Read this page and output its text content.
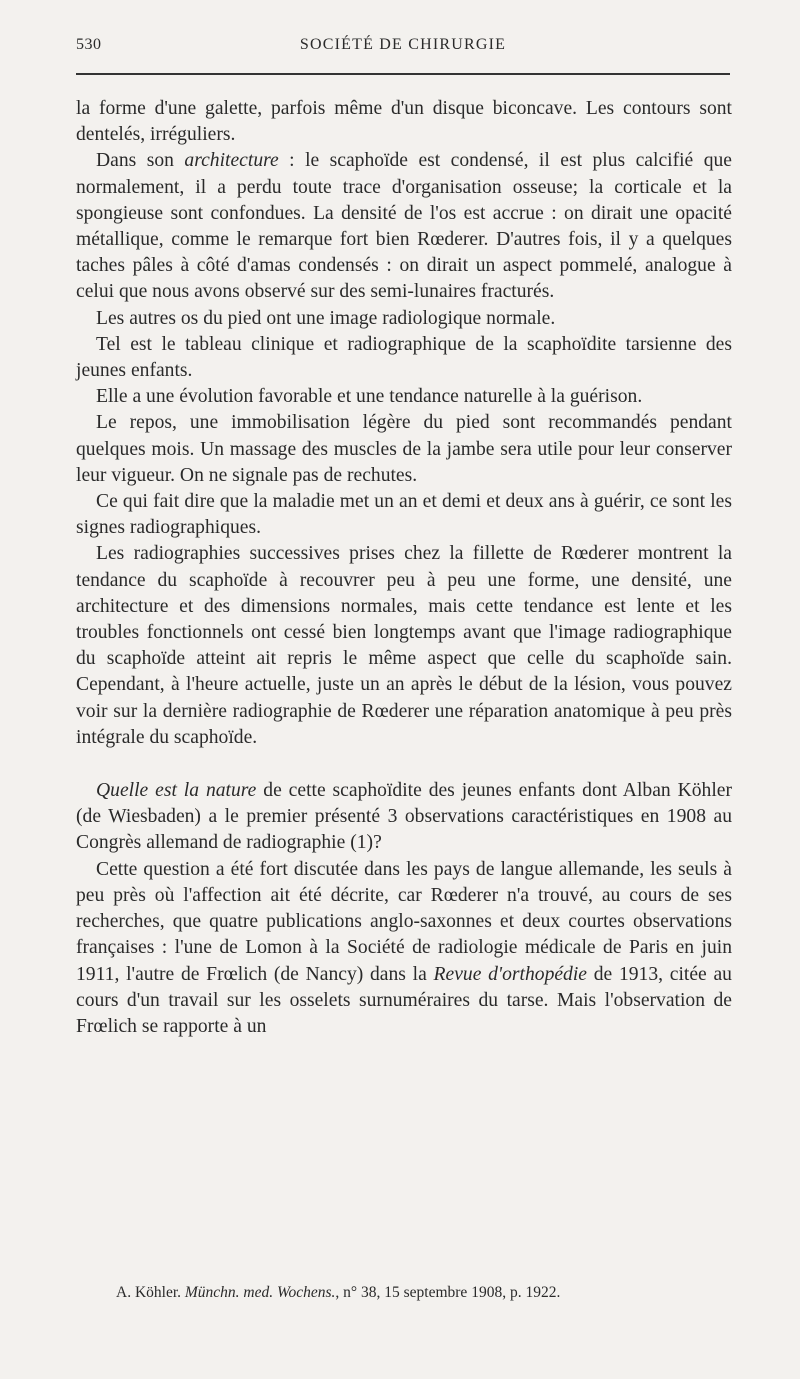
530	SOCIÉTÉ DE CHIRURGIE

la forme d'une galette, parfois même d'un disque biconcave. Les contours sont dentelés, irréguliers.

Dans son architecture : le scaphoïde est condensé, il est plus calcifié que normalement, il a perdu toute trace d'organisation osseuse; la corticale et la spongieuse sont confondues. La densité de l'os est accrue : on dirait une opacité métallique, comme le remarque fort bien Rœderer. D'autres fois, il y a quelques taches pâles à côté d'amas condensés : on dirait un aspect pommelé, analogue à celui que nous avons observé sur des semi-lunaires fracturés.

Les autres os du pied ont une image radiologique normale.

Tel est le tableau clinique et radiographique de la scaphoïdite tarsienne des jeunes enfants.

Elle a une évolution favorable et une tendance naturelle à la guérison.

Le repos, une immobilisation légère du pied sont recommandés pendant quelques mois. Un massage des muscles de la jambe sera utile pour leur conserver leur vigueur. On ne signale pas de rechutes.

Ce qui fait dire que la maladie met un an et demi et deux ans à guérir, ce sont les signes radiographiques.

Les radiographies successives prises chez la fillette de Rœderer montrent la tendance du scaphoïde à recouvrer peu à peu une forme, une densité, une architecture et des dimensions normales, mais cette tendance est lente et les troubles fonctionnels ont cessé bien longtemps avant que l'image radiographique du scaphoïde atteint ait repris le même aspect que celle du scaphoïde sain. Cependant, à l'heure actuelle, juste un an après le début de la lésion, vous pouvez voir sur la dernière radiographie de Rœderer une réparation anatomique à peu près intégrale du scaphoïde.

Quelle est la nature de cette scaphoïdite des jeunes enfants dont Alban Köhler (de Wiesbaden) a le premier présenté 3 observations caractéristiques en 1908 au Congrès allemand de radiographie (1)?

Cette question a été fort discutée dans les pays de langue allemande, les seuls à peu près où l'affection ait été décrite, car Rœderer n'a trouvé, au cours de ses recherches, que quatre publications anglo-saxonnes et deux courtes observations françaises : l'une de Lomon à la Société de radiologie médicale de Paris en juin 1911, l'autre de Frœlich (de Nancy) dans la Revue d'orthopédie de 1913, citée au cours d'un travail sur les osselets surnuméraires du tarse. Mais l'observation de Frœlich se rapporte à un

A. Köhler. Münchn. med. Wochens., n° 38, 15 septembre 1908, p. 1922.
